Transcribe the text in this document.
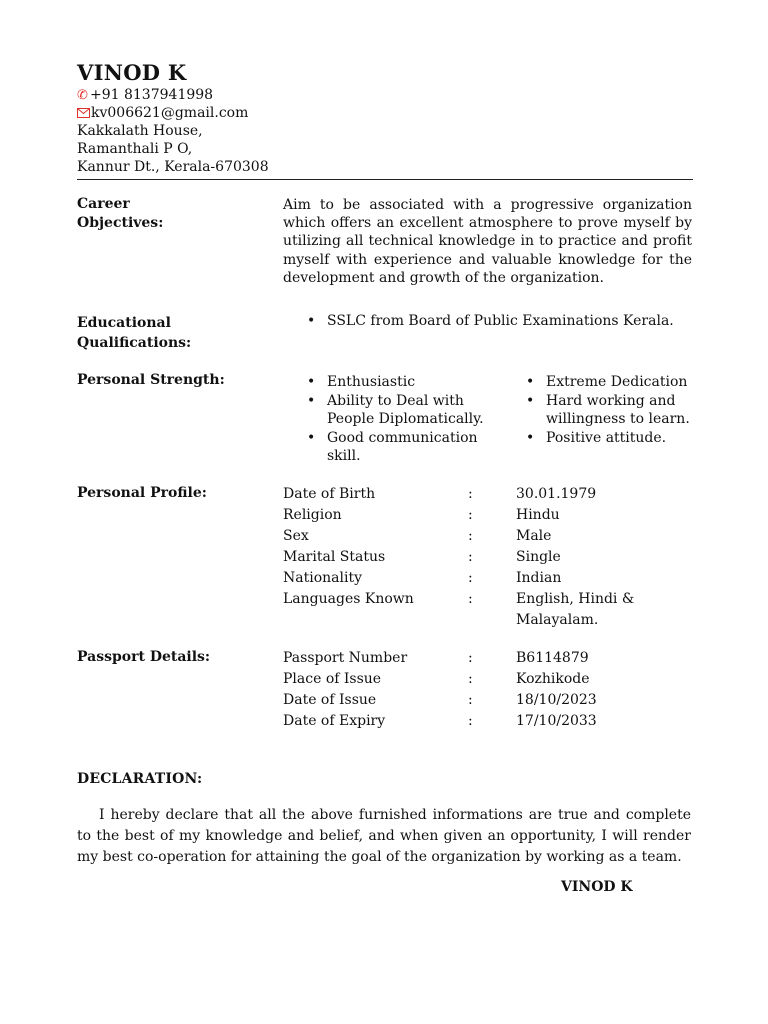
VINOD K
✆ +91 8137941998
kv006621@gmail.com
Kakkalath House,
Ramanthali P O,
Kannur Dt., Kerala-670308
Career
Objectives:
Aim to be associated with a progressive organization which offers an excellent atmosphere to prove myself by utilizing all technical knowledge in to practice and profit myself with experience and valuable knowledge for the development and growth of the organization.
Educational
Qualifications:
• SSLC from Board of Public Examinations Kerala.
Personal Strength:
•	Enthusiastic
• Ability to Deal with People Diplomatically.
• Good communication skill.
• Extreme Dedication
• Hard working and willingness to learn.
• Positive attitude.
Personal Profile:	Date of Birth
Religion
Sex
Marital Status
Nationality
Languages Known
:
:
:
:
:
:
30.01.1979
Hindu
Male
Single
Indian
English, Hindi & Malayalam.
Passport Details:	Passport Number
Place of Issue
Date of Issue
Date of Expiry
:
:
:
:
B6114879
Kozhikode
18/10/2023
17/10/2033
DECLARATION:
I hereby declare that all the above furnished informations are true and complete to the best of my knowledge and belief, and when given an opportunity, I will render my best co-operation for attaining the goal of the organization by working as a team.
VINOD K
